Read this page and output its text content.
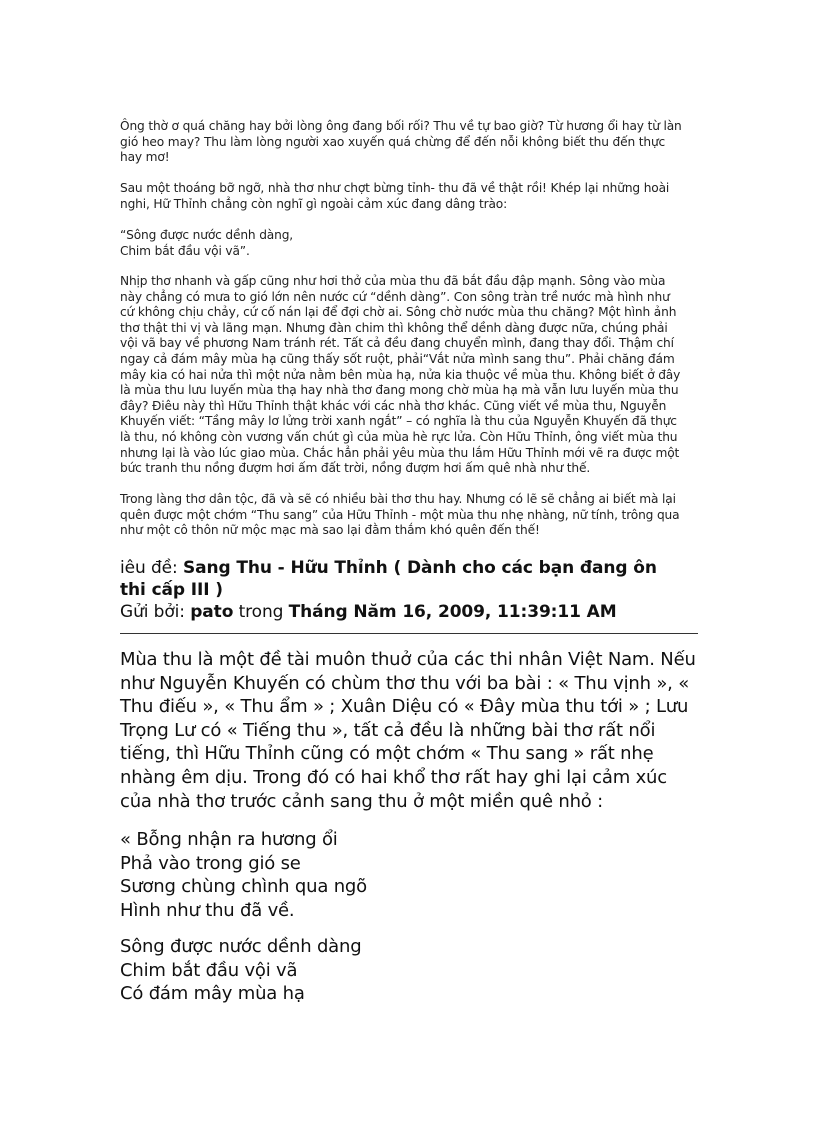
Ông thờ ơ quá chăng hay bởi lòng ông đang bối rối? Thu về tự bao giờ? Từ hương ổi hay từ làn

gió heo may? Thu làm lòng người xao xuyến quá chừng để đến nỗi không biết thu đến thực

hay mơ!

Sau một thoáng bỡ ngỡ, nhà thơ như chợt bừng tỉnh- thu đã về thật rồi! Khép lại những hoài

nghi, Hữ Thỉnh chẳng còn nghĩ gì ngoài cảm xúc đang dâng trào:

“Sông được nước dềnh dàng,

Chim bắt đầu vội vã”.

Nhịp thơ nhanh và gấp cũng như hơi thở của mùa thu đã bắt đầu đập mạnh. Sông vào mùa

này chẳng có mưa to gió lớn nên nước cứ “dềnh dàng”. Con sông tràn trề nước mà hình như

cứ không chịu chảy, cứ cố nán lại để đợi chờ ai. Sông chờ nước mùa thu chăng? Một hình ảnh

thơ thật thi vị và lãng mạn. Nhưng đàn chim thì không thể dềnh dàng được nữa, chúng phải

vội vã bay về phương Nam tránh rét. Tất cả đều đang chuyển mình, đang thay đổi. Thậm chí

ngay cả đám mây mùa hạ cũng thấy sốt ruột, phải“Vắt nửa mình sang thu”. Phải chăng đám

mây kia có hai nửa thì một nửa nằm bên mùa hạ, nửa kia thuộc về mùa thu. Không biết ở đây

là mùa thu lưu luyến mùa thạ hay nhà thơ đang mong chờ mùa hạ mà vẫn lưu luyến mùa thu

đây? Điêu này thì Hữu Thỉnh thật khác với các nhà thơ khác. Cũng viết về mùa thu, Nguyễn

Khuyến viết: “Tầng mây lơ lửng trời xanh ngắt” – có nghĩa là thu của Nguyễn Khuyến đã thực

là thu, nó không còn vương vấn chút gì của mùa hè rực lửa. Còn Hữu Thỉnh, ông viết mùa thu

nhưng lại là vào lúc giao mùa. Chắc hẳn phải yêu mùa thu lắm Hữu Thỉnh mới vẽ ra được một

bức tranh thu nồng đượm hơi ấm đất trời, nồng đượm hơi ấm quê nhà như thế.

Trong làng thơ dân tộc, đã và sẽ có nhiều bài thơ thu hay. Nhưng có lẽ sẽ chẳng ai biết mà lại

quên được một chớm “Thu sang” của Hữu Thỉnh - một mùa thu nhẹ nhàng, nữ tính, trông qua

như một cô thôn nữ mộc mạc mà sao lại đằm thắm khó quên đến thế!

iêu đề: Sang Thu - Hữu Thỉnh ( Dành cho các bạn đang ôn
thi cấp III )
Gửi bởi: pato trong Tháng Năm 16, 2009, 11:39:11 AM

Mùa thu là một đề tài muôn thuở của các thi nhân Việt Nam. Nếu

như Nguyễn Khuyến có chùm thơ thu với ba bài : « Thu vịnh », «

Thu điếu », « Thu ẩm » ; Xuân Diệu có « Đây mùa thu tới » ; Lưu

Trọng Lư có « Tiếng thu », tất cả đều là những bài thơ rất nổi

tiếng, thì Hữu Thỉnh cũng có một chớm « Thu sang » rất nhẹ

nhàng êm dịu. Trong đó có hai khổ thơ rất hay ghi lại cảm xúc

của nhà thơ trước cảnh sang thu ở một miền quê nhỏ :

« Bỗng nhận ra hương ổi

Phả vào trong gió se

Sương chùng chình qua ngõ

Hình như thu đã về.

Sông được nước dềnh dàng

Chim bắt đầu vội vã

Có đám mây mùa hạ
